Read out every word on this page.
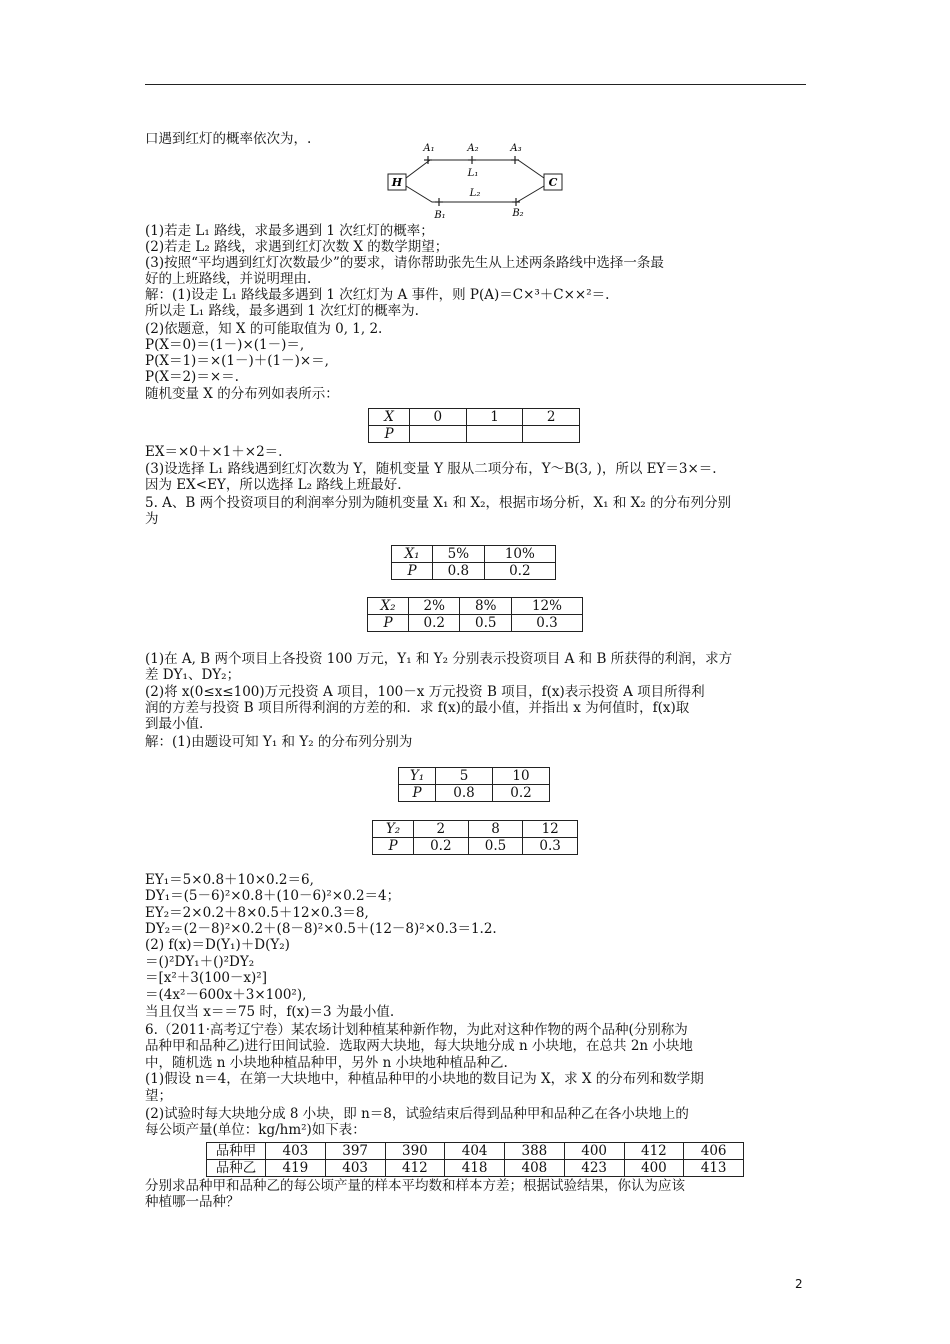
口遇到红灯的概率依次为，.
H	C
A₁	A₂	A₃
L₁
L₂
B₁	B₂
(1)若走 L₁ 路线，求最多遇到 1 次红灯的概率；
(2)若走 L₂ 路线，求遇到红灯次数 X 的数学期望；
(3)按照“平均遇到红灯次数最少”的要求，请你帮助张先生从上述两条路线中选择一条最
好的上班路线，并说明理由.
解：(1)设走 L₁ 路线最多遇到 1 次红灯为 A 事件，则 P(A)＝C×³＋C××²＝.
所以走 L₁ 路线，最多遇到 1 次红灯的概率为.
(2)依题意，知 X 的可能取值为 0, 1, 2.
P(X＝0)＝(1－)×(1－)＝,
P(X＝1)＝×(1－)＋(1－)×＝,
P(X＝2)＝×＝.
随机变量 X 的分布列如表所示：
X	0	1	2
P			
EX＝×0＋×1＋×2＝.
(3)设选择 L₁ 路线遇到红灯次数为 Y，随机变量 Y 服从二项分布，Y～B(3, )，所以 EY＝3×＝.
因为 EX<EY，所以选择 L₂ 路线上班最好.
5. A、B 两个投资项目的利润率分别为随机变量 X₁ 和 X₂，根据市场分析，X₁ 和 X₂ 的分布列分别
为
X₁	5%	10%
P	0.8	0.2
X₂	2%	8%	12%
P	0.2	0.5	0.3
(1)在 A, B 两个项目上各投资 100 万元，Y₁ 和 Y₂ 分别表示投资项目 A 和 B 所获得的利润，求方
差 DY₁、DY₂；
(2)将 x(0≤x≤100)万元投资 A 项目，100－x 万元投资 B 项目，f(x)表示投资 A 项目所得利
润的方差与投资 B 项目所得利润的方差的和．求 f(x)的最小值，并指出 x 为何值时，f(x)取
到最小值.
解：(1)由题设可知 Y₁ 和 Y₂ 的分布列分别为
Y₁	5	10
P	0.8	0.2
Y₂	2	8	12
P	0.2	0.5	0.3
EY₁＝5×0.8＋10×0.2＝6,
DY₁＝(5－6)²×0.8＋(10－6)²×0.2＝4；
EY₂＝2×0.2＋8×0.5＋12×0.3＝8,
DY₂＝(2－8)²×0.2＋(8－8)²×0.5＋(12－8)²×0.3＝1.2.
(2) f(x)＝D(Y₁)＋D(Y₂)
＝()²DY₁＋()²DY₂
＝[x²＋3(100－x)²]
＝(4x²－600x＋3×100²),
当且仅当 x＝＝75 时，f(x)＝3 为最小值.
6.（2011·高考辽宁卷）某农场计划种植某种新作物，为此对这种作物的两个品种(分别称为
品种甲和品种乙)进行田间试验．选取两大块地，每大块地分成 n 小块地，在总共 2n 小块地
中，随机选 n 小块地种植品种甲，另外 n 小块地种植品种乙.
(1)假设 n＝4，在第一大块地中，种植品种甲的小块地的数目记为 X，求 X 的分布列和数学期
望；
(2)试验时每大块地分成 8 小块，即 n＝8，试验结束后得到品种甲和品种乙在各小块地上的
每公顷产量(单位：kg/hm²)如下表：
品种甲	403	397	390	404	388	400	412	406
品种乙	419	403	412	418	408	423	400	413
分别求品种甲和品种乙的每公顷产量的样本平均数和样本方差；根据试验结果，你认为应该
种植哪一品种？
2
